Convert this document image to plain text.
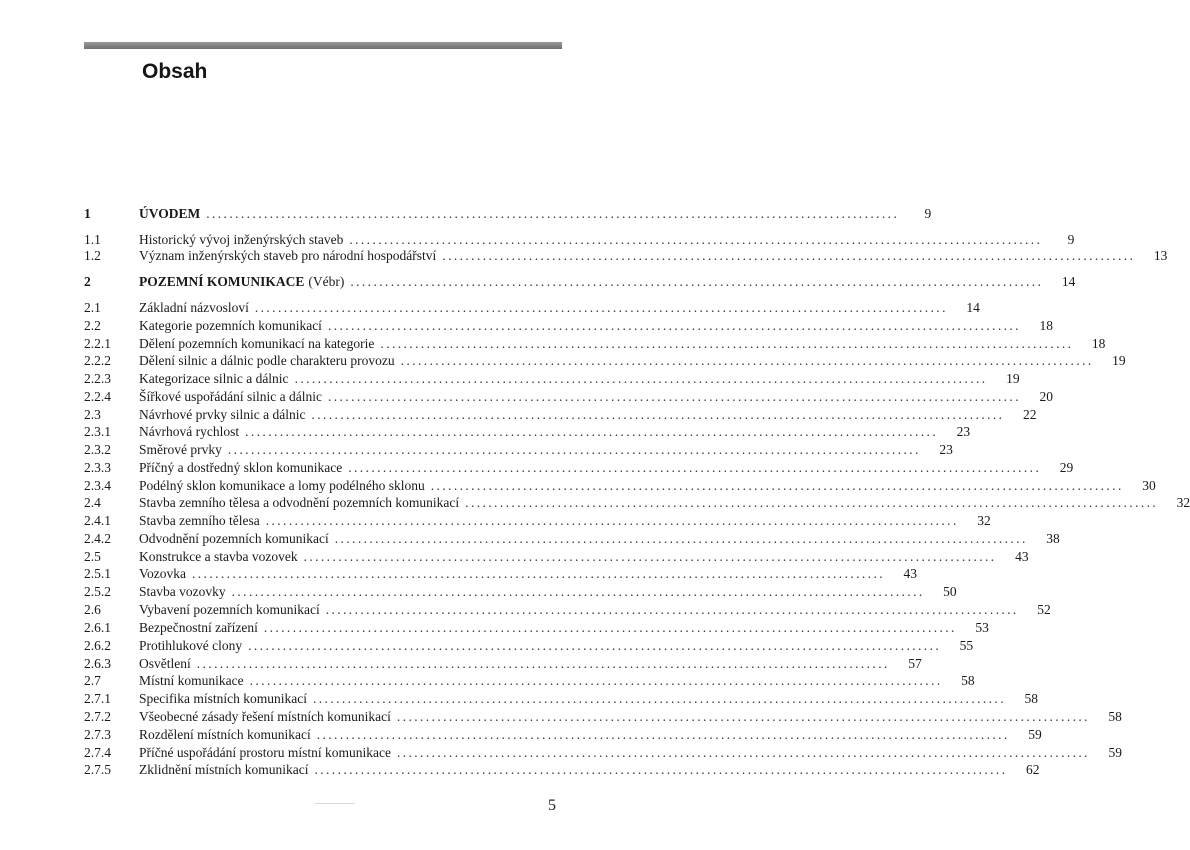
Obsah
1	ÚVODEM ........................................................................................................................	9
1.1	Historický vývoj inženýrských staveb ........................................................................................................................	9
1.2	Význam inženýrských staveb pro národní hospodářství ........................................................................................................................	13
2	POZEMNÍ KOMUNIKACE (Vébr) ........................................................................................................................	14
2.1	Základní názvosloví ........................................................................................................................	14
2.2	Kategorie pozemních komunikací ........................................................................................................................	18
2.2.1	Dělení pozemních komunikací na kategorie ........................................................................................................................	18
2.2.2	Dělení silnic a dálnic podle charakteru provozu ........................................................................................................................	19
2.2.3	Kategorizace silnic a dálnic ........................................................................................................................	19
2.2.4	Šířkové uspořádání silnic a dálnic ........................................................................................................................	20
2.3	Návrhové prvky silnic a dálnic ........................................................................................................................	22
2.3.1	Návrhová rychlost ........................................................................................................................	23
2.3.2	Směrové prvky ........................................................................................................................	23
2.3.3	Příčný a dostředný sklon komunikace ........................................................................................................................	29
2.3.4	Podélný sklon komunikace a lomy podélného sklonu ........................................................................................................................	30
2.4	Stavba zemního tělesa a odvodnění pozemních komunikací ........................................................................................................................	32
2.4.1	Stavba zemního tělesa ........................................................................................................................	32
2.4.2	Odvodnění pozemních komunikací ........................................................................................................................	38
2.5	Konstrukce a stavba vozovek ........................................................................................................................	43
2.5.1	Vozovka ........................................................................................................................	43
2.5.2	Stavba vozovky ........................................................................................................................	50
2.6	Vybavení pozemních komunikací ........................................................................................................................	52
2.6.1	Bezpečnostní zařízení ........................................................................................................................	53
2.6.2	Protihlukové clony ........................................................................................................................	55
2.6.3	Osvětlení ........................................................................................................................	57
2.7	Místní komunikace ........................................................................................................................	58
2.7.1	Specifika místních komunikací ........................................................................................................................	58
2.7.2	Všeobecné zásady řešení místních komunikací ........................................................................................................................	58
2.7.3	Rozdělení místních komunikací ........................................................................................................................	59
2.7.4	Příčné uspořádání prostoru místní komunikace ........................................................................................................................	59
2.7.5	Zklidnění místních komunikací ........................................................................................................................	62
5
